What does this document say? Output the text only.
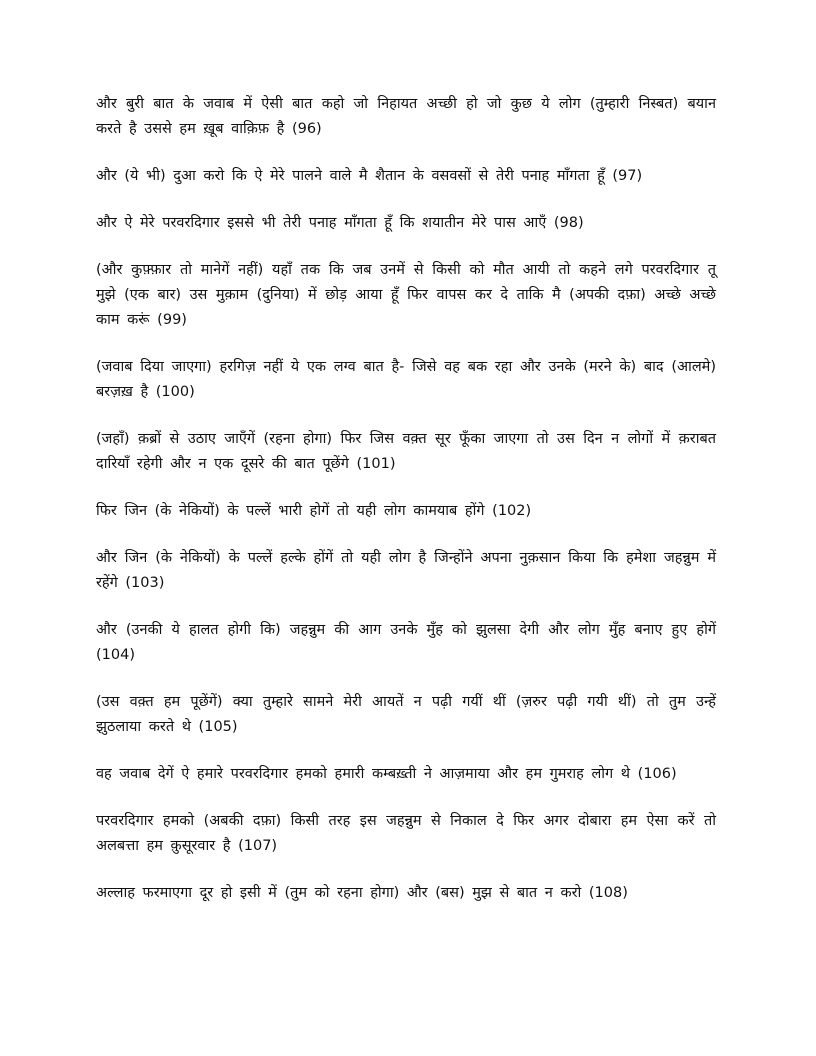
और बुरी बात के जवाब में ऐसी बात कहो जो निहायत अच्छी हो जो कुछ ये लोग (तुम्हारी निस्बत) बयान करते है उससे हम ख़ूब वाक़िफ़ है (96)

और (ये भी) दुआ करो कि ऐ मेरे पालने वाले मै शैतान के वसवसों से तेरी पनाह माँगता हूँ (97)

और ऐ मेरे परवरदिगार इससे भी तेरी पनाह माँगता हूँ कि शयातीन मेरे पास आएँ (98)

(और कुफ़्फ़ार तो मानेगें नहीं) यहाँ तक कि जब उनमें से किसी को मौत आयी तो कहने लगे परवरदिगार तू मुझे (एक बार) उस मुक़ाम (दुनिया) में छोड़ आया हूँ फिर वापस कर दे ताकि मै (अपकी दफ़ा) अच्छे अच्छे काम करूं (99)

(जवाब दिया जाएगा) हरगिज़ नहीं ये एक लग्व बात है- जिसे वह बक रहा और उनके (मरने के) बाद (आलमे) बरज़ख़ है (100)

(जहाँ) क़ब्रों से उठाए जाएँगें (रहना होगा) फिर जिस वक़्त सूर फूँका जाएगा तो उस दिन न लोगों में क़राबत दारियाँ रहेगी और न एक दूसरे की बात पूछेंगे (101)

फिर जिन (के नेकियों) के पल्लें भारी होगें तो यही लोग कामयाब होंगे (102)

और जिन (के नेकियों) के पल्लें हल्के होंगें तो यही लोग है जिन्होंने अपना नुक़सान किया कि हमेशा जहन्नुम में रहेंगे (103)

और (उनकी ये हालत होगी कि) जहन्नुम की आग उनके मुँह को झुलसा देगी और लोग मुँह बनाए हुए होगें (104)

(उस वक़्त हम पूछेंगें) क्या तुम्हारे सामने मेरी आयतें न पढ़ी गयीं थीं (ज़रुर पढ़ी गयी थीं) तो तुम उन्हें झुठलाया करते थे (105)

वह जवाब देगें ऐ हमारे परवरदिगार हमको हमारी कम्बख़्ती ने आज़माया और हम गुमराह लोग थे (106)

परवरदिगार हमको (अबकी दफ़ा) किसी तरह इस जहन्नुम से निकाल दे फिर अगर दोबारा हम ऐसा करें तो अलबत्ता हम क़ुसूरवार है (107)

अल्लाह फरमाएगा दूर हो इसी में (तुम को रहना होगा) और (बस) मुझ से बात न करो (108)
